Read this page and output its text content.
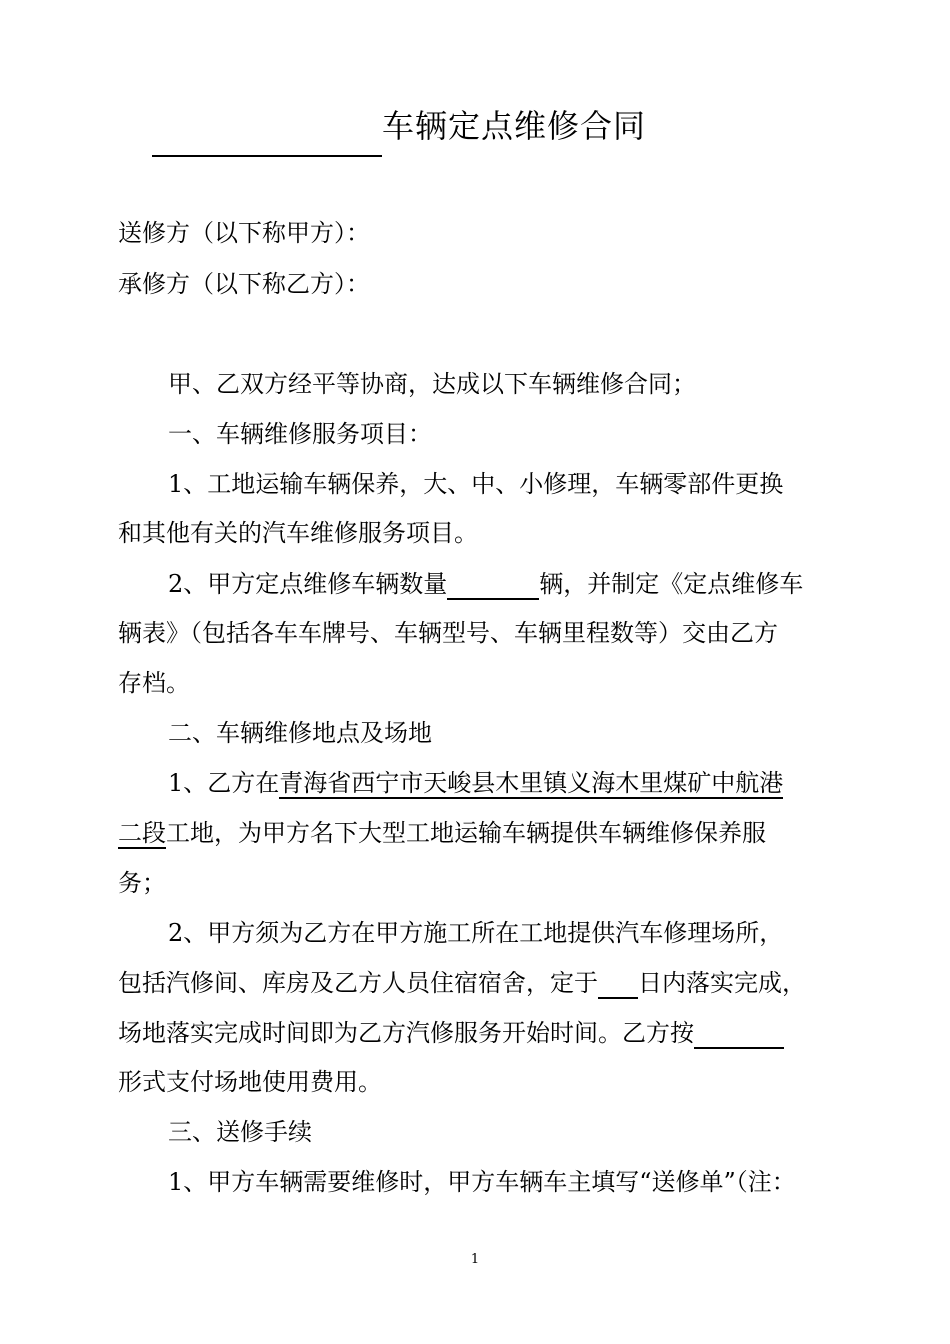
车辆定点维修合同
送修方（以下称甲方）：
承修方（以下称乙方）：
甲、乙双方经平等协商，达成以下车辆维修合同；
一、车辆维修服务项目：
1、工地运输车辆保养，大、中、小修理，车辆零部件更换
和其他有关的汽车维修服务项目。
2、甲方定点维修车辆数量	辆，并制定《定点维修车
辆表》（包括各车车牌号、车辆型号、车辆里程数等）交由乙方
存档。
二、车辆维修地点及场地
1、乙方在青海省西宁市天峻县木里镇义海木里煤矿中航港
二段工地，为甲方名下大型工地运输车辆提供车辆维修保养服
务；
2、甲方须为乙方在甲方施工所在工地提供汽车修理场所，
包括汽修间、库房及乙方人员住宿宿舍，定于 日内落实完成，
场地落实完成时间即为乙方汽修服务开始时间。乙方按
形式支付场地使用费用。
三、送修手续
1、甲方车辆需要维修时，甲方车辆车主填写“送修单”（注：
1
